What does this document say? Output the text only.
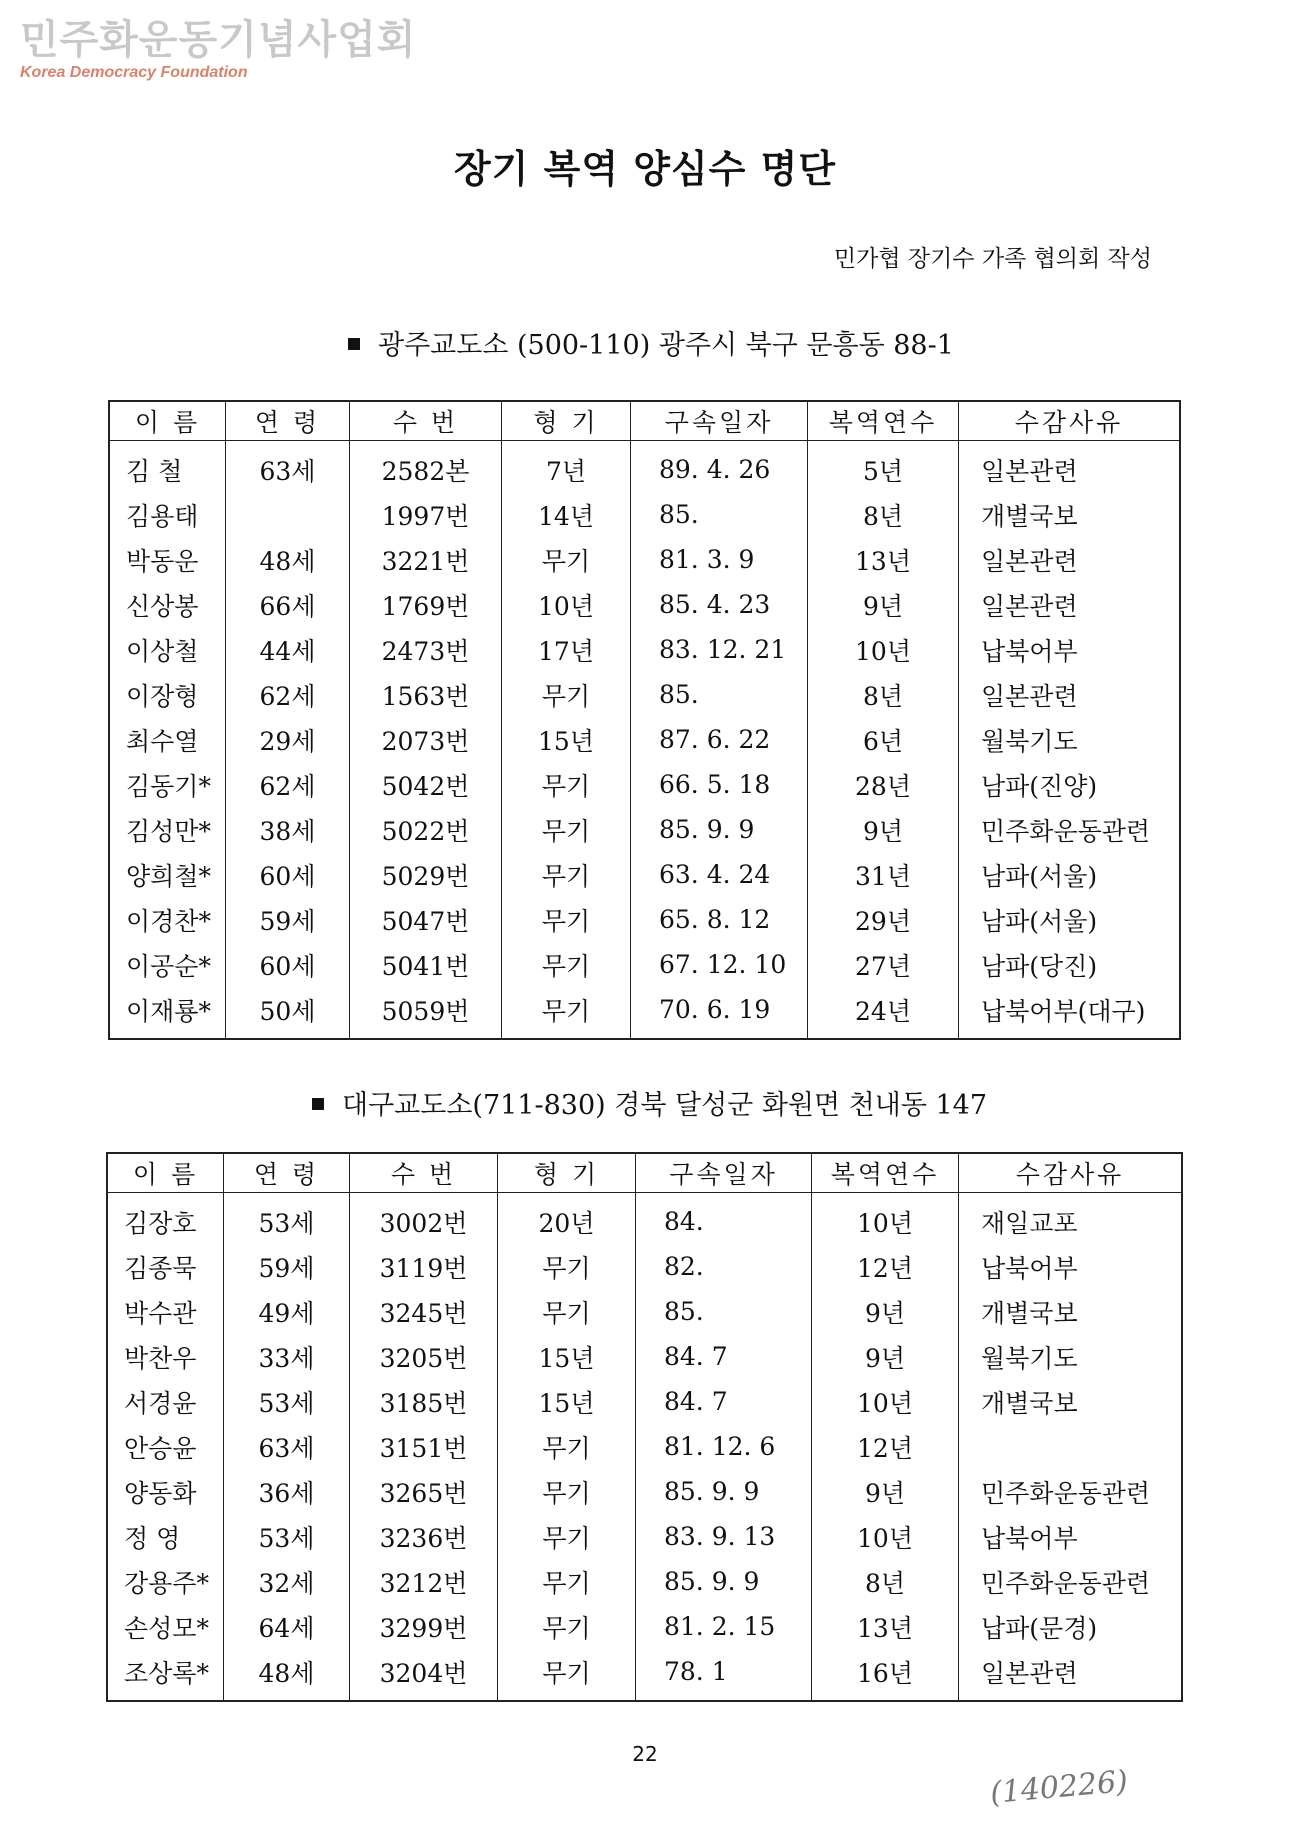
민주화운동기념사업회
Korea Democracy Foundation
장기 복역 양심수 명단
민가협 장기수 가족 협의회 작성
광주교도소 (500-110) 광주시 북구 문흥동 88-1
이 름	연 령	수 번	형 기	구속일자	복역연수	수감사유
김 철	63세	2582본	7년	89. 4. 26	5년	일본관련
김용태		1997번	14년	85.	8년	개별국보
박동운	48세	3221번	무기	81. 3. 9	13년	일본관련
신상봉	66세	1769번	10년	85. 4. 23	9년	일본관련
이상철	44세	2473번	17년	83. 12. 21	10년	납북어부
이장형	62세	1563번	무기	85.	8년	일본관련
최수열	29세	2073번	15년	87. 6. 22	6년	월북기도
김동기*	62세	5042번	무기	66. 5. 18	28년	남파(진양)
김성만*	38세	5022번	무기	85. 9. 9	9년	민주화운동관련
양희철*	60세	5029번	무기	63. 4. 24	31년	남파(서울)
이경찬*	59세	5047번	무기	65. 8. 12	29년	남파(서울)
이공순*	60세	5041번	무기	67. 12. 10	27년	남파(당진)
이재룡*	50세	5059번	무기	70. 6. 19	24년	납북어부(대구)
대구교도소(711-830) 경북 달성군 화원면 천내동 147
이 름	연 령	수 번	형 기	구속일자	복역연수	수감사유
김장호	53세	3002번	20년	84.	10년	재일교포
김종묵	59세	3119번	무기	82.	12년	납북어부
박수관	49세	3245번	무기	85.	9년	개별국보
박찬우	33세	3205번	15년	84. 7	9년	월북기도
서경윤	53세	3185번	15년	84. 7	10년	개별국보
안승윤	63세	3151번	무기	81. 12. 6	12년	
양동화	36세	3265번	무기	85. 9. 9	9년	민주화운동관련
정 영	53세	3236번	무기	83. 9. 13	10년	납북어부
강용주*	32세	3212번	무기	85. 9. 9	8년	민주화운동관련
손성모*	64세	3299번	무기	81. 2. 15	13년	납파(문경)
조상록*	48세	3204번	무기	78. 1	16년	일본관련
22
(140226)
